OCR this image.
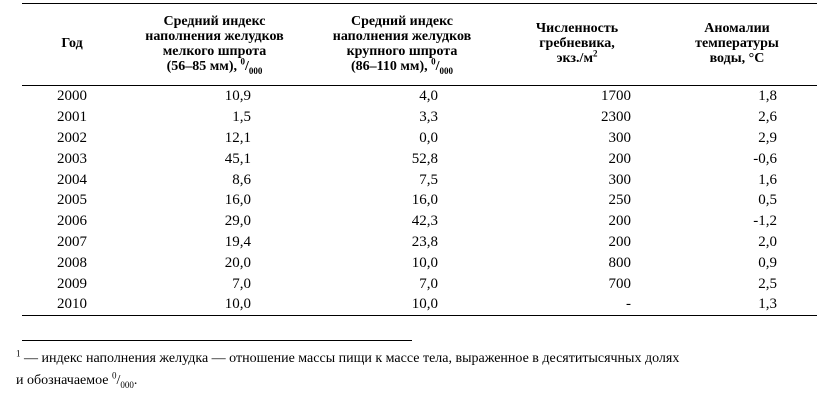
Год	Средний индекс
наполнения желудков
мелкого шпрота
(56–85 мм), $^0/_{000}$	Средний индекс
наполнения желудков
крупного шпрота
(86–110 мм), $^0/_{000}$	Численность
гребневика,
$экз./м^2$	Аномалии
температуры
воды, °С
2000	10,9	4,0	1700	1,8
2001	1,5	3,3	2300	2,6
2002	12,1	0,0	300	2,9
2003	45,1	52,8	200	-0,6
2004	8,6	7,5	300	1,6
2005	16,0	16,0	250	0,5
2006	29,0	42,3	200	-1,2
2007	19,4	23,8	200	2,0
2008	20,0	10,0	800	0,9
2009	7,0	7,0	700	2,5
2010	10,0	10,0	-	1,3
$^1$ — индекс наполнения желудка — отношение массы пищи к массе тела, выраженное в десятитысячных долях
и обозначаемое $^0/_{000}$.
